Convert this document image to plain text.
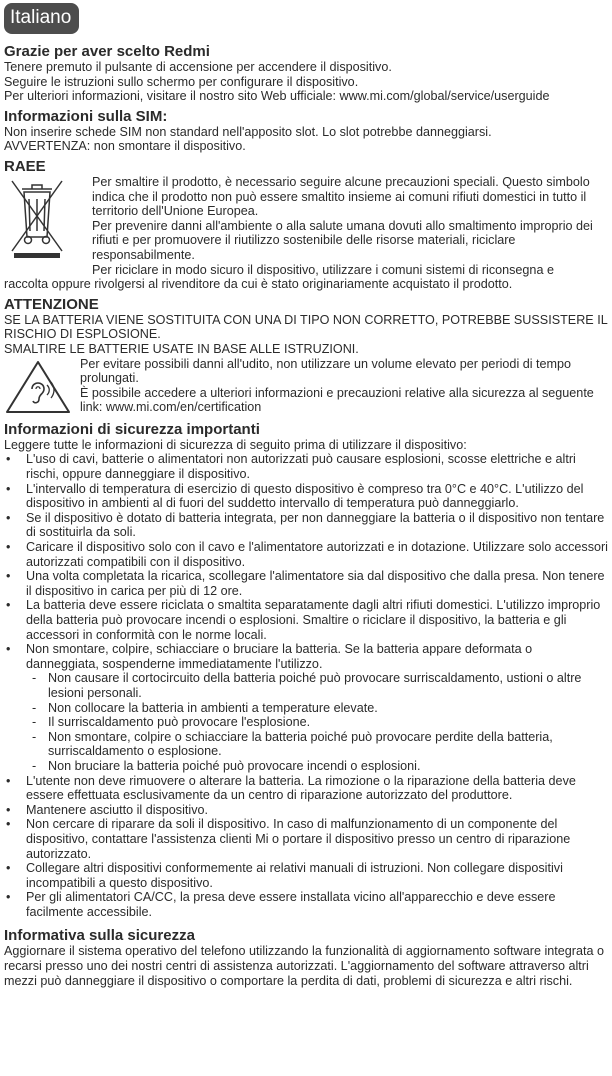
Italiano
Grazie per aver scelto Redmi

Tenere premuto il pulsante di accensione per accendere il dispositivo.

Seguire le istruzioni sullo schermo per configurare il dispositivo.

Per ulteriori informazioni, visitare il nostro sito Web ufficiale: www.mi.com/global/service/userguide

Informazioni sulla SIM:

Non inserire schede SIM non standard nell'apposito slot. Lo slot potrebbe danneggiarsi.

AVVERTENZA: non smontare il dispositivo.

RAEE

Per smaltire il prodotto, è necessario seguire alcune precauzioni speciali. Questo simbolo indica che il prodotto non può essere smaltito insieme ai comuni rifiuti domestici in tutto il territorio dell'Unione Europea.

Per prevenire danni all'ambiente o alla salute umana dovuti allo smaltimento improprio dei rifiuti e per promuovere il riutilizzo sostenibile delle risorse materiali, riciclare responsabilmente.

Per riciclare in modo sicuro il dispositivo, utilizzare i comuni sistemi di riconsegna e

raccolta oppure rivolgersi al rivenditore da cui è stato originariamente acquistato il prodotto.

ATTENZIONE

SE LA BATTERIA VIENE SOSTITUITA CON UNA DI TIPO NON CORRETTO, POTREBBE SUSSISTERE IL RISCHIO DI ESPLOSIONE.

SMALTIRE LE BATTERIE USATE IN BASE ALLE ISTRUZIONI.

Per evitare possibili danni all'udito, non utilizzare un volume elevato per periodi di tempo prolungati.

È possibile accedere a ulteriori informazioni e precauzioni relative alla sicurezza al seguente link: www.mi.com/en/certification

Informazioni di sicurezza importanti

Leggere tutte le informazioni di sicurezza di seguito prima di utilizzare il dispositivo:

• L'uso di cavi, batterie o alimentatori non autorizzati può causare esplosioni, scosse elettriche e altri rischi, oppure danneggiare il dispositivo.
• L'intervallo di temperatura di esercizio di questo dispositivo è compreso tra 0°C e 40°C. L'utilizzo del dispositivo in ambienti al di fuori del suddetto intervallo di temperatura può danneggiarlo.
• Se il dispositivo è dotato di batteria integrata, per non danneggiare la batteria o il dispositivo non tentare di sostituirla da soli.
• Caricare il dispositivo solo con il cavo e l'alimentatore autorizzati e in dotazione. Utilizzare solo accessori autorizzati compatibili con il dispositivo.
• Una volta completata la ricarica, scollegare l'alimentatore sia dal dispositivo che dalla presa. Non tenere il dispositivo in carica per più di 12 ore.
• La batteria deve essere riciclata o smaltita separatamente dagli altri rifiuti domestici. L'utilizzo improprio della batteria può provocare incendi o esplosioni. Smaltire o riciclare il dispositivo, la batteria e gli accessori in conformità con le norme locali.
• Non smontare, colpire, schiacciare o bruciare la batteria. Se la batteria appare deformata o danneggiata, sospenderne immediatamente l'utilizzo.
- Non causare il cortocircuito della batteria poiché può provocare surriscaldamento, ustioni o altre lesioni personali.
- Non collocare la batteria in ambienti a temperature elevate.
- Il surriscaldamento può provocare l'esplosione.
- Non smontare, colpire o schiacciare la batteria poiché può provocare perdite della batteria, surriscaldamento o esplosione.
- Non bruciare la batteria poiché può provocare incendi o esplosioni.
• L'utente non deve rimuovere o alterare la batteria. La rimozione o la riparazione della batteria deve essere effettuata esclusivamente da un centro di riparazione autorizzato del produttore.
• Mantenere asciutto il dispositivo.
• Non cercare di riparare da soli il dispositivo. In caso di malfunzionamento di un componente del dispositivo, contattare l'assistenza clienti Mi o portare il dispositivo presso un centro di riparazione autorizzato.
• Collegare altri dispositivi conformemente ai relativi manuali di istruzioni. Non collegare dispositivi incompatibili a questo dispositivo.
• Per gli alimentatori CA/CC, la presa deve essere installata vicino all'apparecchio e deve essere facilmente accessibile.
Informativa sulla sicurezza

Aggiornare il sistema operativo del telefono utilizzando la funzionalità di aggiornamento software integrata o recarsi presso uno dei nostri centri di assistenza autorizzati. L'aggiornamento del software attraverso altri mezzi può danneggiare il dispositivo o comportare la perdita di dati, problemi di sicurezza e altri rischi.
